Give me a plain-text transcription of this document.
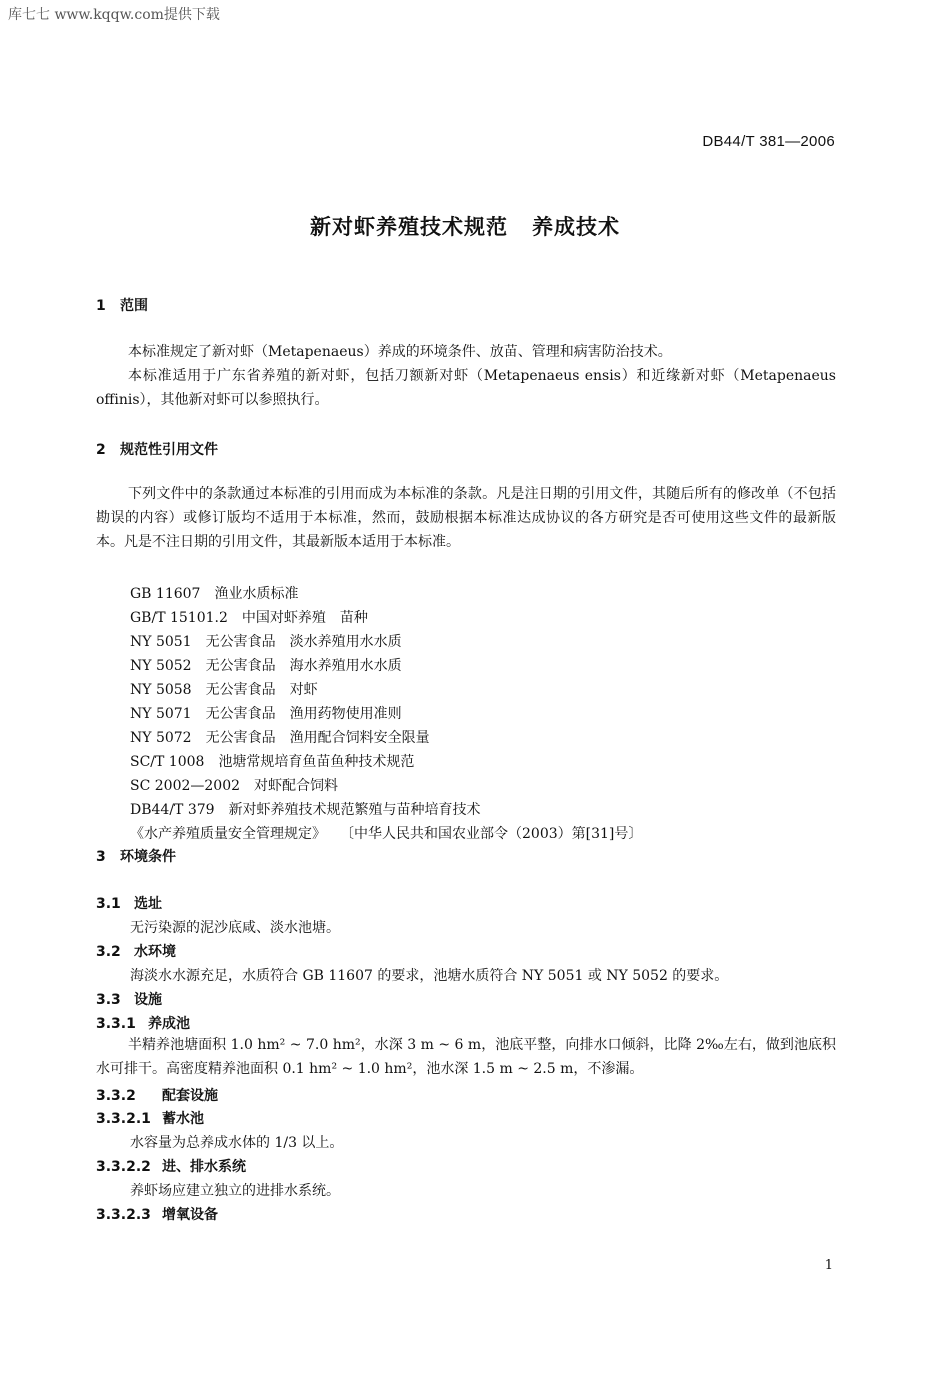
库七七 www.kqqw.com提供下载
DB44/T 381—2006
新对虾养殖技术规范 养成技术
1 范围

本标准规定了新对虾（Metapenaeus）养成的环境条件、放苗、管理和病害防治技术。

本标准适用于广东省养殖的新对虾，包括刀额新对虾（Metapenaeus ensis）和近缘新对虾（Metapenaeus offinis），其他新对虾可以参照执行。

2 规范性引用文件

下列文件中的条款通过本标准的引用而成为本标准的条款。凡是注日期的引用文件，其随后所有的修改单（不包括勘误的内容）或修订版均不适用于本标准，然而，鼓励根据本标准达成协议的各方研究是否可使用这些文件的最新版本。凡是不注日期的引用文件，其最新版本适用于本标准。

GB 11607 渔业水质标准
GB/T 15101.2 中国对虾养殖　苗种
NY 5051 无公害食品　淡水养殖用水水质
NY 5052 无公害食品　海水养殖用水水质
NY 5058 无公害食品　对虾
NY 5071 无公害食品　渔用药物使用准则
NY 5072 无公害食品　渔用配合饲料安全限量
SC/T 1008 池塘常规培育鱼苗鱼种技术规范
SC 2002—2002 对虾配合饲料
DB44/T 379 新对虾养殖技术规范繁殖与苗种培育技术
《水产养殖质量安全管理规定》 〔中华人民共和国农业部令（2003）第[31]号〕
3 环境条件
3.1 选址
无污染源的泥沙底咸、淡水池塘。
3.2 水环境
海淡水水源充足，水质符合 GB 11607 的要求，池塘水质符合 NY 5051 或 NY 5052 的要求。
3.3 设施
3.3.1 养成池

半精养池塘面积 1.0 hm² ~ 7.0 hm²，水深 3 m ~ 6 m，池底平整，向排水口倾斜，比降 2‰左右，做到池底积水可排干。高密度精养池面积 0.1 hm² ~ 1.0 hm²，池水深 1.5 m ~ 2.5 m，不渗漏。

3.3.2 配套设施
3.3.2.1 蓄水池
水容量为总养成水体的 1/3 以上。
3.3.2.2 进、排水系统
养虾场应建立独立的进排水系统。
3.3.2.3 增氧设备
1
